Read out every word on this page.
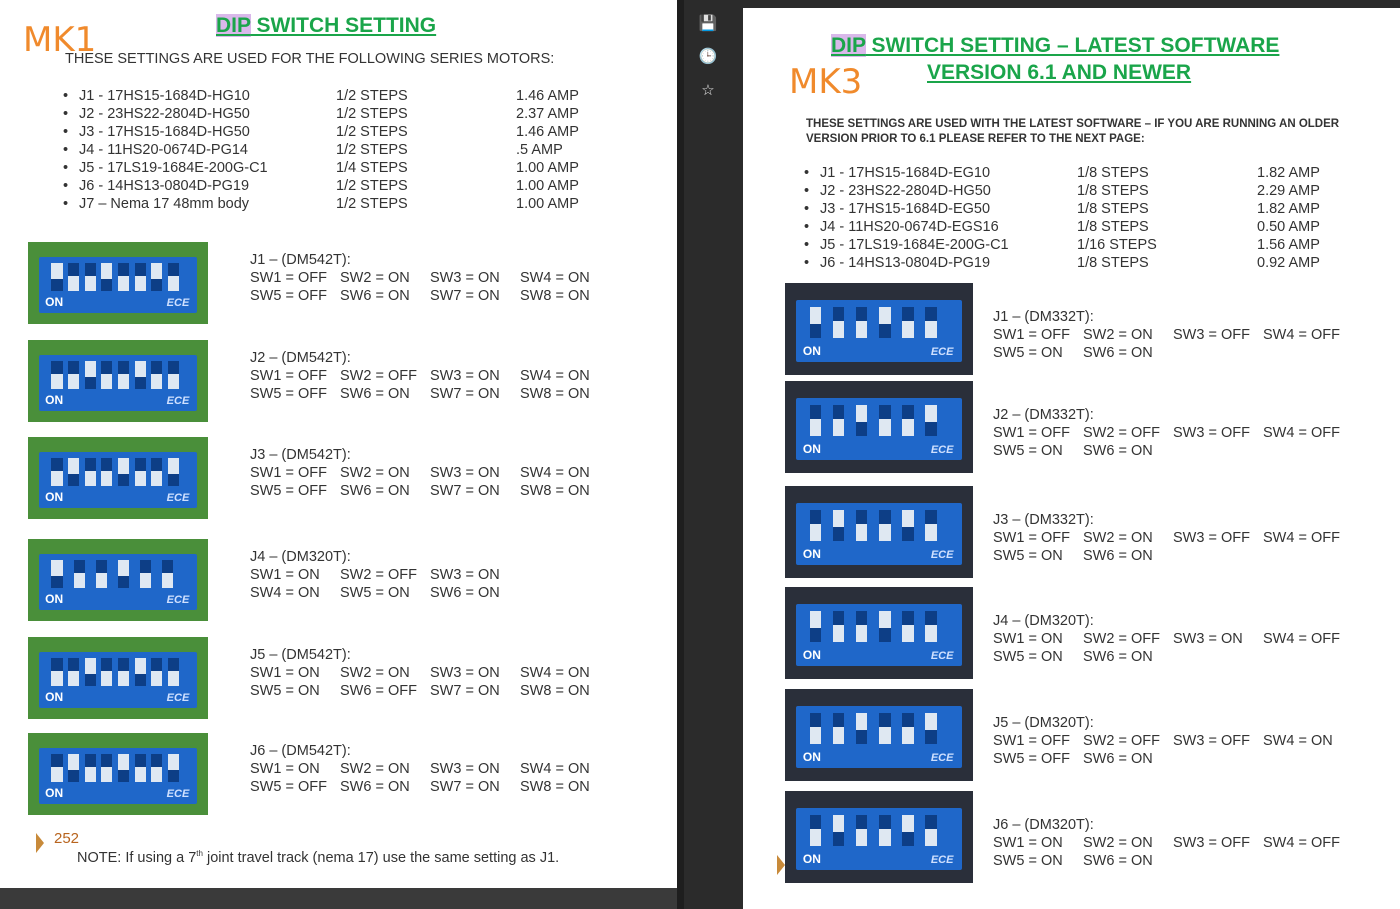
DIP SWITCH SETTING
MK1
THESE SETTINGS ARE USED FOR THE FOLLOWING SERIES MOTORS:
• J1 - 17HS15-1684D-HG10	1/2 STEPS	1.46 AMP
• J2 - 23HS22-2804D-HG50	1/2 STEPS	2.37 AMP
• J3 - 17HS15-1684D-HG50	1/2 STEPS	1.46 AMP
• J4 - 11HS20-0674D-PG14	1/2 STEPS	.5 AMP
• J5 - 17LS19-1684E-200G-C1	1/4 STEPS	1.00 AMP
• J6 - 14HS13-0804D-PG19	1/2 STEPS	1.00 AMP
• J7 – Nema 17 48mm body	1/2 STEPS	1.00 AMP
ON	ECE
J1 – (DM542T):
SW1 = OFF SW2 = ON SW3 = ON SW4 = ON
SW5 = OFF SW6 = ON SW7 = ON SW8 = ON
ON	ECE
J2 – (DM542T):
SW1 = OFF SW2 = OFF SW3 = ON SW4 = ON
SW5 = OFF SW6 = ON SW7 = ON SW8 = ON
ON	ECE
J3 – (DM542T):
SW1 = OFF SW2 = ON SW3 = ON SW4 = ON
SW5 = OFF SW6 = ON SW7 = ON SW8 = ON
ON	ECE
J4 – (DM320T):
SW1 = ON SW2 = OFF SW3 = ON
SW4 = ON SW5 = ON SW6 = ON
ON	ECE
J5 – (DM542T):
SW1 = ON SW2 = ON SW3 = ON SW4 = ON
SW5 = ON SW6 = OFF SW7 = ON SW8 = ON
ON	ECE
J6 – (DM542T):
SW1 = ON SW2 = ON SW3 = ON SW4 = ON
SW5 = OFF SW6 = ON SW7 = ON SW8 = ON
252
NOTE: If using a 7th joint travel track (nema 17) use the same setting as J1.
💾
🕒
☆
DIP SWITCH SETTING – LATEST SOFTWARE
VERSION 6.1 AND NEWER
MK3
THESE SETTINGS ARE USED WITH THE LATEST SOFTWARE – IF YOU ARE RUNNING AN OLDER VERSION PRIOR TO 6.1 PLEASE REFER TO THE NEXT PAGE:
• J1 - 17HS15-1684D-EG10	1/8 STEPS	1.82 AMP
• J2 - 23HS22-2804D-HG50	1/8 STEPS	2.29 AMP
• J3 - 17HS15-1684D-EG50	1/8 STEPS	1.82 AMP
• J4 - 11HS20-0674D-EGS16	1/8 STEPS	0.50 AMP
• J5 - 17LS19-1684E-200G-C1	1/16 STEPS	1.56 AMP
• J6 - 14HS13-0804D-PG19	1/8 STEPS	0.92 AMP
ON	ECE
J1 – (DM332T):
SW1 = OFF SW2 = ON SW3 = OFF SW4 = OFF
SW5 = ON SW6 = ON
ON	ECE
J2 – (DM332T):
SW1 = OFF SW2 = OFF SW3 = OFF SW4 = OFF
SW5 = ON SW6 = ON
ON	ECE
J3 – (DM332T):
SW1 = OFF SW2 = ON SW3 = OFF SW4 = OFF
SW5 = ON SW6 = ON
ON	ECE
J4 – (DM320T):
SW1 = ON SW2 = OFF SW3 = ON SW4 = OFF
SW5 = ON SW6 = ON
ON	ECE
J5 – (DM320T):
SW1 = OFF SW2 = OFF SW3 = OFF SW4 = ON
SW5 = OFF SW6 = ON
ON	ECE
J6 – (DM320T):
SW1 = ON SW2 = ON SW3 = OFF SW4 = OFF
SW5 = ON SW6 = ON
